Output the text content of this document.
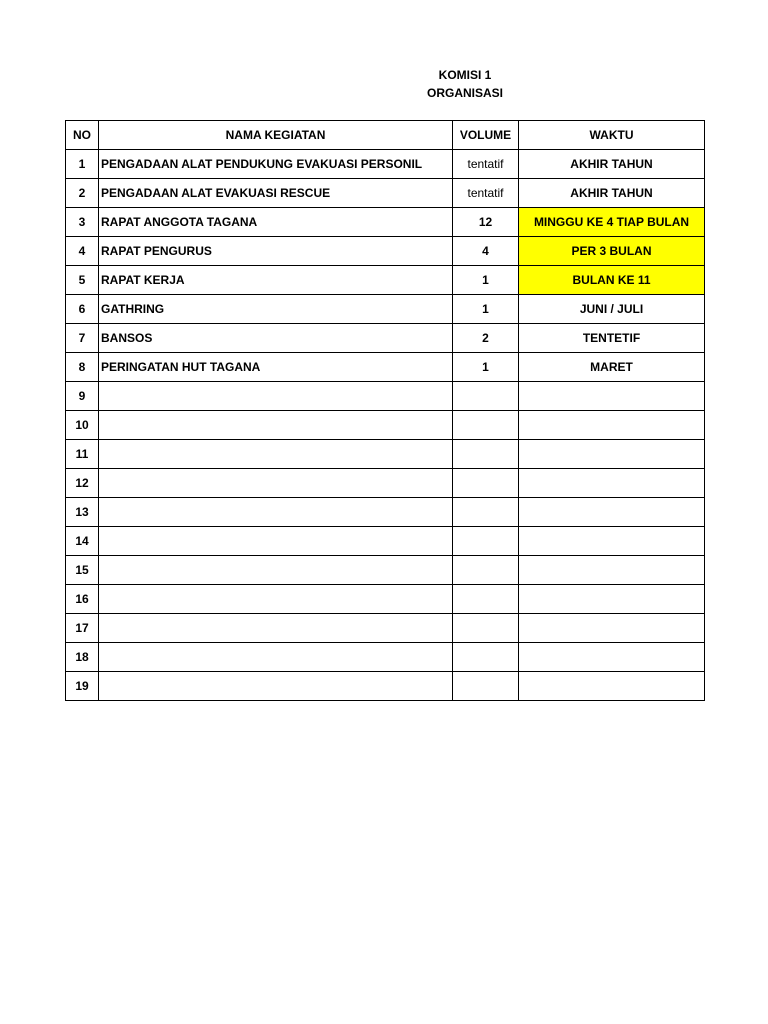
KOMISI 1
ORGANISASI
NO	NAMA KEGIATAN	VOLUME	WAKTU
1	PENGADAAN ALAT PENDUKUNG EVAKUASI PERSONIL	tentatif	AKHIR TAHUN
2	PENGADAAN ALAT EVAKUASI RESCUE	tentatif	AKHIR TAHUN
3	RAPAT ANGGOTA TAGANA	12	MINGGU KE 4 TIAP BULAN
4	RAPAT PENGURUS	4	PER 3 BULAN
5	RAPAT KERJA	1	BULAN KE 11
6	GATHRING	1	JUNI / JULI
7	BANSOS	2	TENTETIF
8	PERINGATAN HUT TAGANA	1	MARET
9			
10			
11			
12			
13			
14			
15			
16			
17			
18			
19			
